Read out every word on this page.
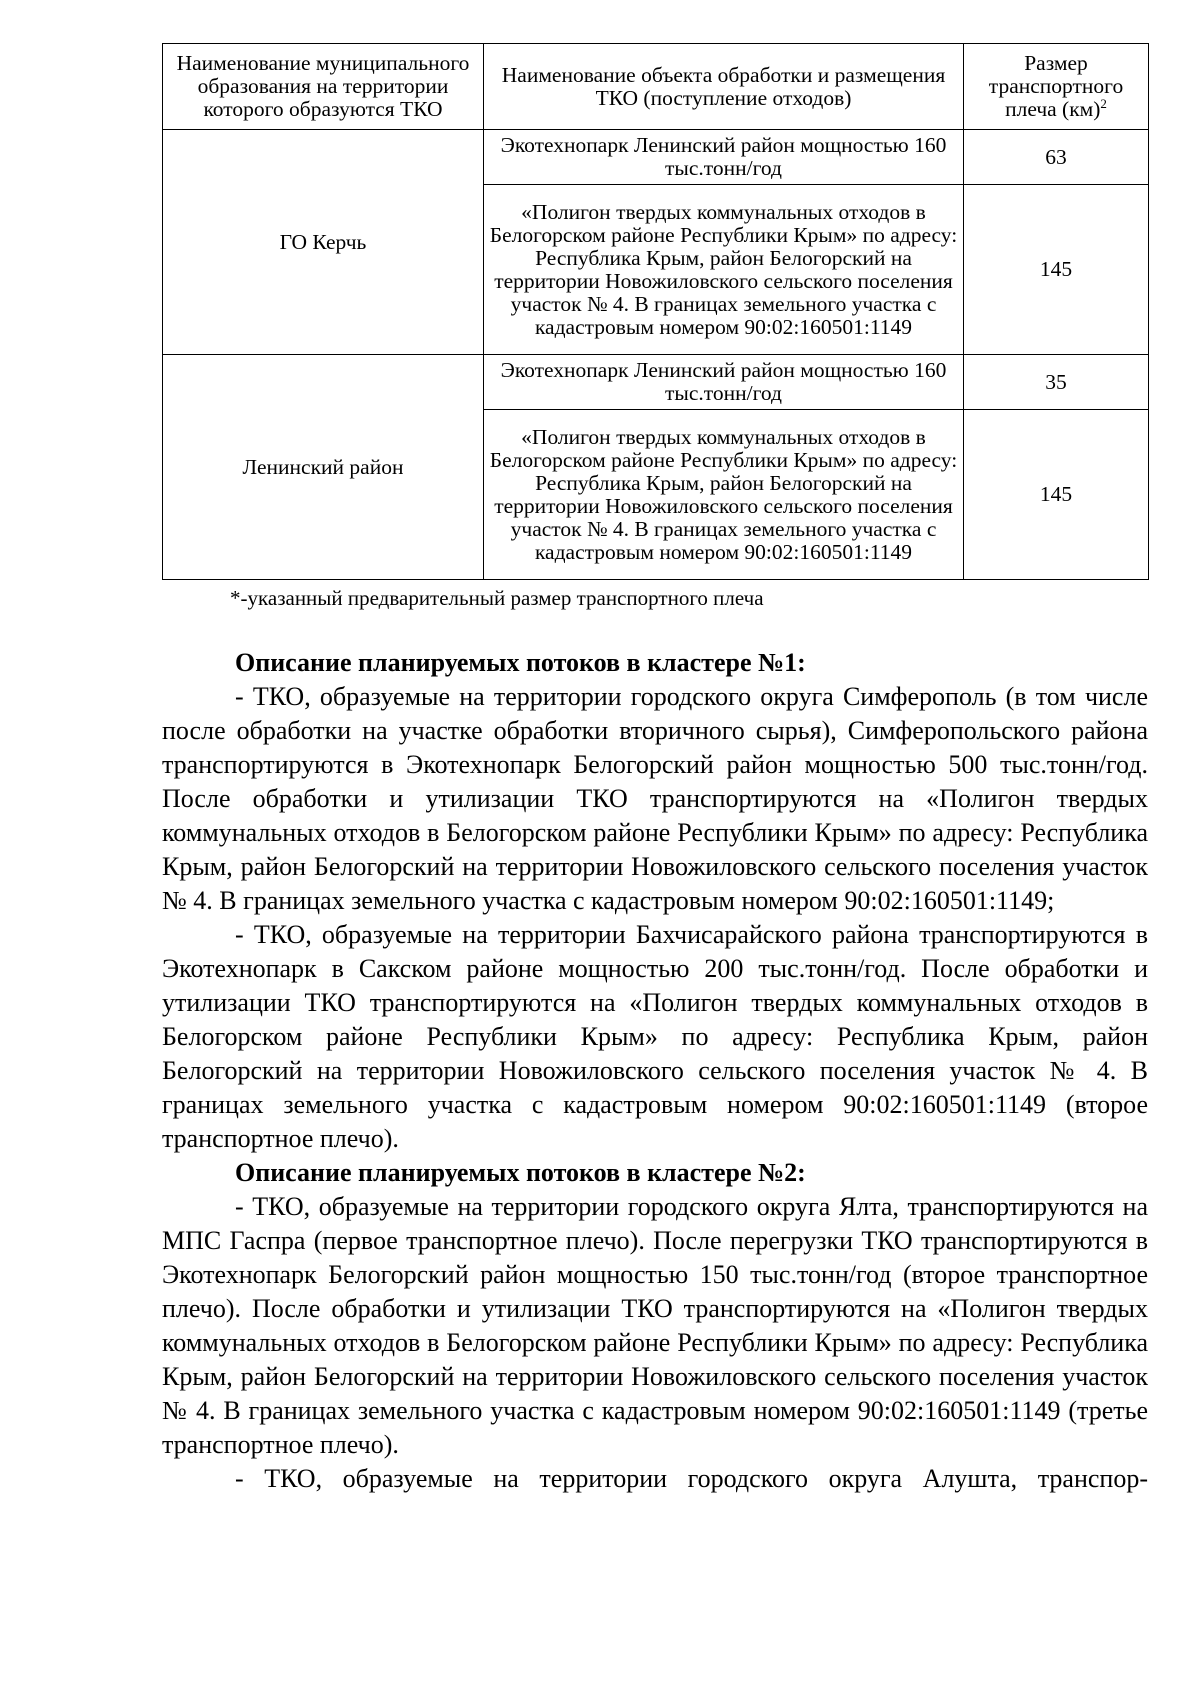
Наименование муниципального образования на территории которого образуются ТКО	Наименование объекта обработки и размещения ТКО (поступление отходов)	Размер транспортного плеча (км)$^2$
ГО Керчь	Экотехнопарк Ленинский район мощностью 160 тыс.тонн/год	63
	«Полигон твердых коммунальных отходов в Белогорском районе Республики Крым» по адресу: Республика Крым, район Белогорский на территории Новожиловского сельского поселения участок № 4. В границах земельного участка с кадастровым номером 90:02:160501:1149	145
Ленинский район	Экотехнопарк Ленинский район мощностью 160 тыс.тонн/год	35
	«Полигон твердых коммунальных отходов в Белогорском районе Республики Крым» по адресу: Республика Крым, район Белогорский на территории Новожиловского сельского поселения участок № 4. В границах земельного участка с кадастровым номером 90:02:160501:1149	145
*-указанный предварительный размер транспортного плеча
Описание планируемых потоков в кластере №1:

- ТКО, образуемые на территории городского округа Симферополь (в том числе после обработки на участке обработки вторичного сырья), Симферопольского района транспортируются в Экотехнопарк Белогорский район мощностью 500 тыс.тонн/год. После обработки и утилизации ТКО транспортируются на «Полигон твердых коммунальных отходов в Белогорском районе Республики Крым» по адресу: Республика Крым, район Белогорский на территории Новожиловского сельского поселения участок № 4. В границах земельного участка с кадастровым номером 90:02:160501:1149;

- ТКО, образуемые на территории Бахчисарайского района транспортируются в Экотехнопарк в Сакском районе мощностью 200 тыс.тонн/год. После обработки и утилизации ТКО транспортируются на «Полигон твердых коммунальных отходов в Белогорском районе Республики Крым» по адресу: Республика Крым, район Белогорский на территории Новожиловского сельского поселения участок № 4. В границах земельного участка с кадастровым номером 90:02:160501:1149 (второе транспортное плечо).

Описание планируемых потоков в кластере №2:

- ТКО, образуемые на территории городского округа Ялта, транспортируются на МПС Гаспра (первое транспортное плечо). После перегрузки ТКО транспортируются в Экотехнопарк Белогорский район мощностью 150 тыс.тонн/год (второе транспортное плечо). После обработки и утилизации ТКО транспортируются на «Полигон твердых коммунальных отходов в Белогорском районе Республики Крым» по адресу: Республика Крым, район Белогорский на территории Новожиловского сельского поселения участок № 4. В границах земельного участка с кадастровым номером 90:02:160501:1149 (третье транспортное плечо).

- ТКО, образуемые на территории городского округа Алушта, транспор-
